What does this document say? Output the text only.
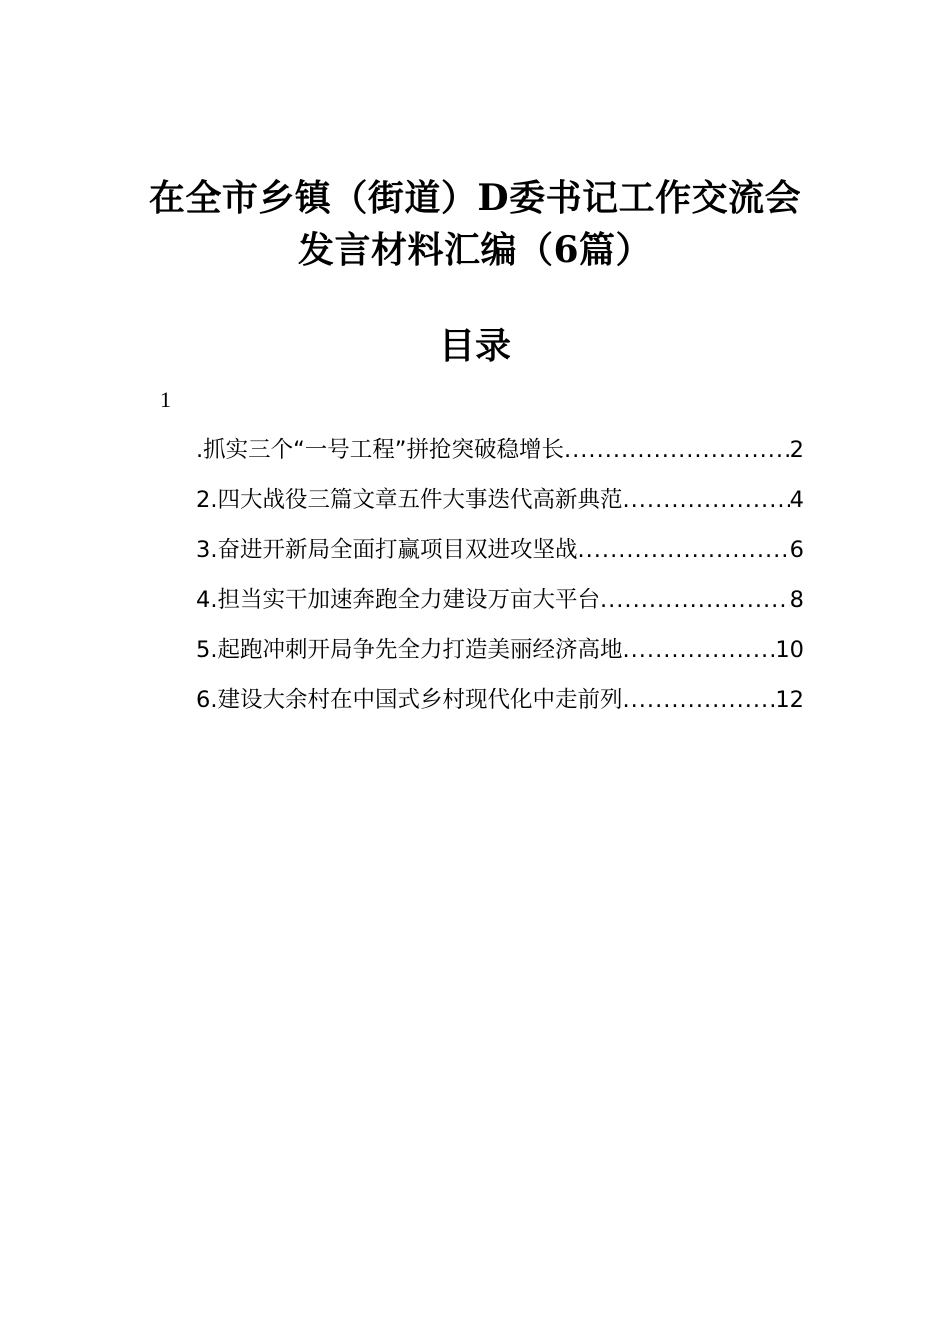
在全市乡镇（街道）D委书记工作交流会
发言材料汇编（6篇）
目录
1
.抓实三个“一号工程”拼抢突破稳增长 .....	2
2.四大战役三篇文章五件大事迭代高新典范 .....	4
3.奋进开新局全面打赢项目双进攻坚战 .....	6
4.担当实干加速奔跑全力建设万亩大平台 .....	8
5.起跑冲刺开局争先全力打造美丽经济高地 .....	10
6.建设大余村在中国式乡村现代化中走前列 .....	12
